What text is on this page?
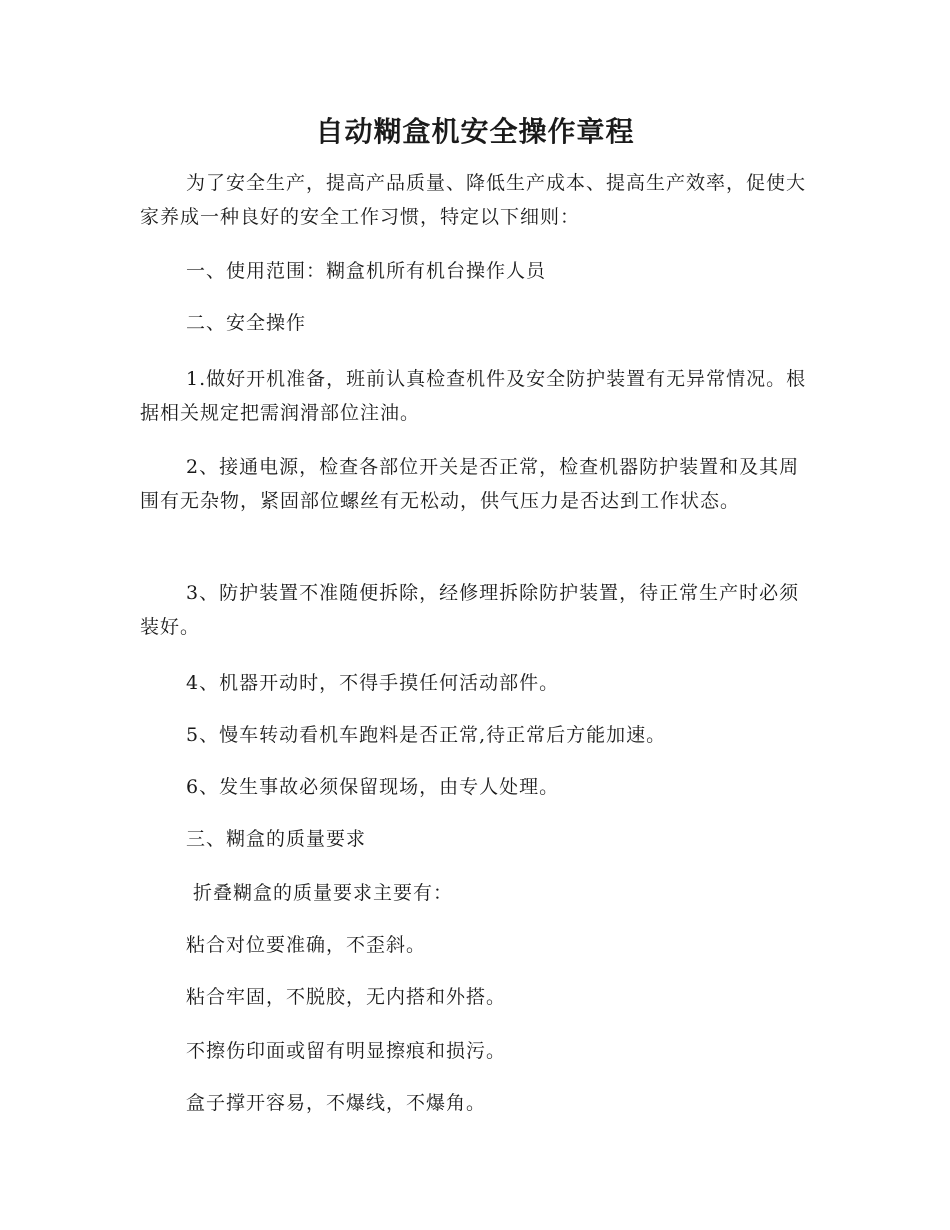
自动糊盒机安全操作章程

为了安全生产，提高产品质量、降低生产成本、提高生产效率，促使大家养成一种良好的安全工作习惯，特定以下细则：

一、使用范围：糊盒机所有机台操作人员

二、安全操作

1.做好开机准备，班前认真检查机件及安全防护装置有无异常情况。根据相关规定把需润滑部位注油。

2、接通电源，检查各部位开关是否正常，检查机器防护装置和及其周围有无杂物，紧固部位螺丝有无松动，供气压力是否达到工作状态。

3、防护装置不准随便拆除，经修理拆除防护装置，待正常生产时必须装好。

4、机器开动时，不得手摸任何活动部件。

5、慢车转动看机车跑料是否正常,待正常后方能加速。

6、发生事故必须保留现场，由专人处理。

三、糊盒的质量要求

折叠糊盒的质量要求主要有：

粘合对位要准确，不歪斜。

粘合牢固，不脱胶，无内搭和外搭。

不擦伤印面或留有明显擦痕和损污。

盒子撑开容易，不爆线，不爆角。
